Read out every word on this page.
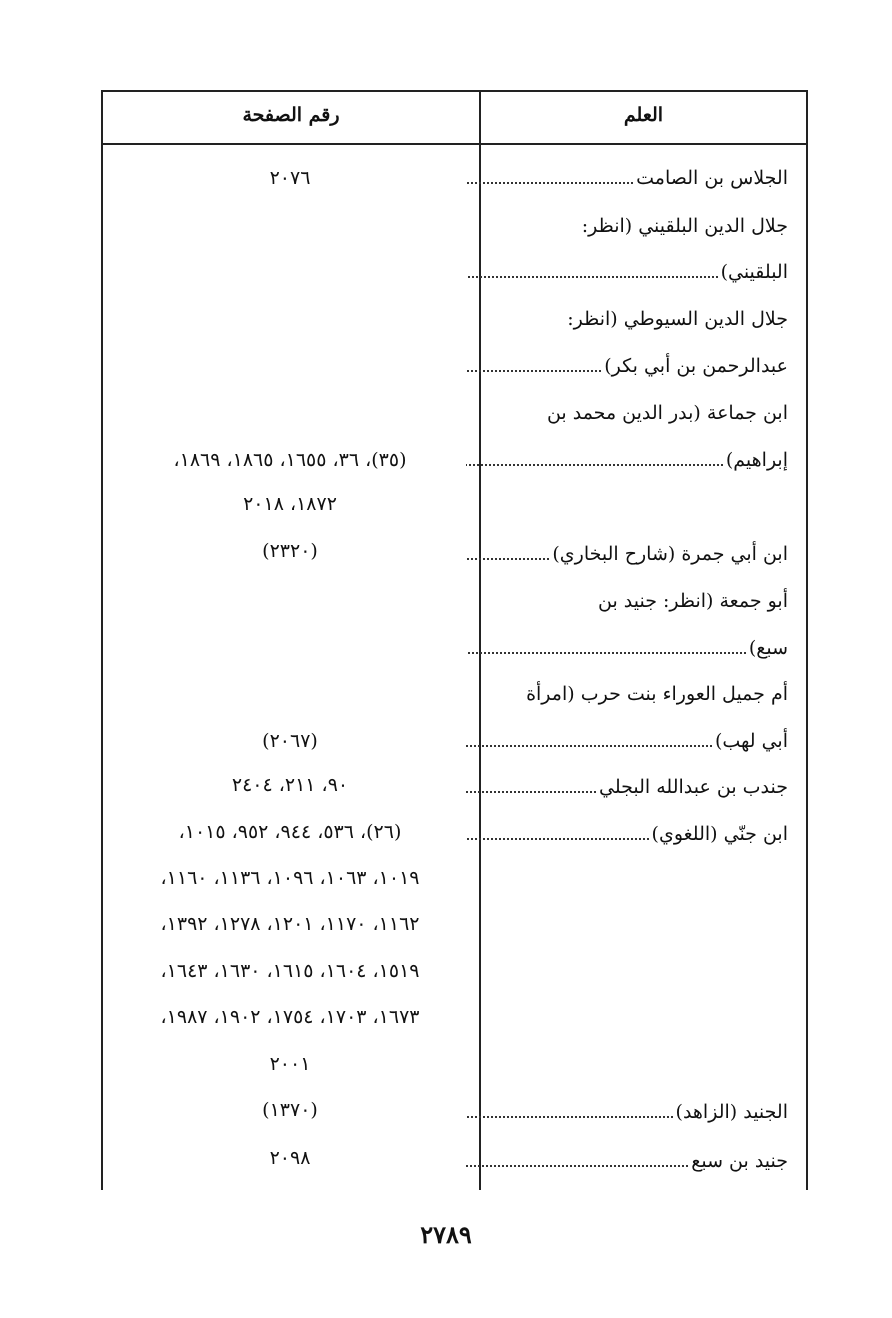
العلم
رقم الصفحة
الجلاس بن الصامت
جلال الدين البلقيني (انظر:
البلقيني)
جلال الدين السيوطي (انظر:
عبدالرحمن بن أبي بكر)
ابن جماعة (بدر الدين محمد بن
إبراهيم)
ابن أبي جمرة (شارح البخاري)
أبو جمعة (انظر: جنيد بن
سبع)
أم جميل العوراء بنت حرب (امرأة
أبي لهب)
جندب بن عبدالله البجلي
ابن جنّي (اللغوي)
الجنيد (الزاهد)
جنيد بن سبع
٢٠٧٦
(٣٥)، ٣٦، ١٦٥٥، ١٨٦٥، ١٨٦٩،
١٨٧٢، ٢٠١٨
(٢٣٢٠)
(٢٠٦٧)
٩٠، ٢١١، ٢٤٠٤
(٢٦)، ٥٣٦، ٩٤٤، ٩٥٢، ١٠١٥،
١٠١٩، ١٠٦٣، ١٠٩٦، ١١٣٦، ١١٦٠،
١١٦٢، ١١٧٠، ١٢٠١، ١٢٧٨، ١٣٩٢،
١٥١٩، ١٦٠٤، ١٦١٥، ١٦٣٠، ١٦٤٣،
١٦٧٣، ١٧٠٣، ١٧٥٤، ١٩٠٢، ١٩٨٧،
٢٠٠١
(١٣٧٠)
٢٠٩٨
٢٧٨٩
